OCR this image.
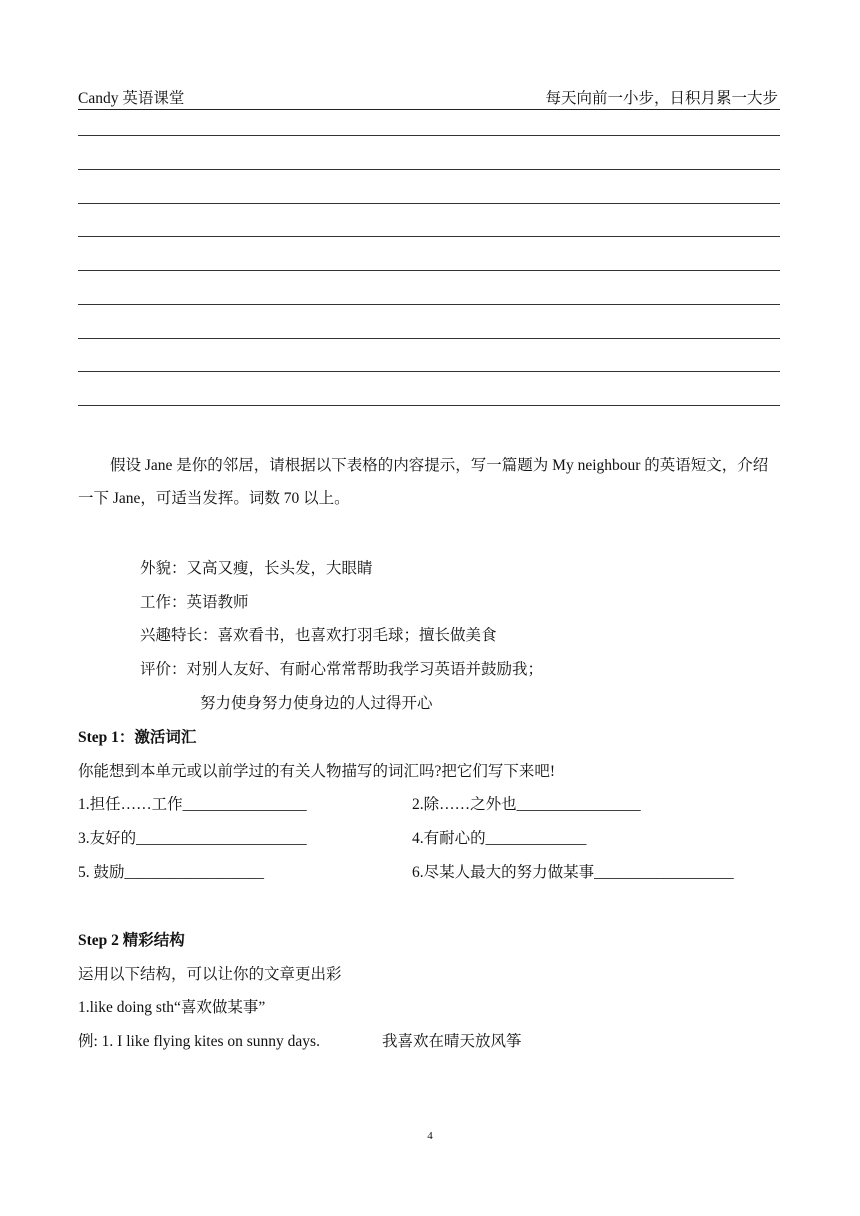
Candy 英语课堂	每天向前一小步，日积月累一大步
假设 Jane 是你的邻居，请根据以下表格的内容提示，写一篇题为 My neighbour 的英语短文，介绍一下 Jane，可适当发挥。词数 70 以上。
外貌：又高又瘦，长头发，大眼睛
工作：英语教师
兴趣特长：喜欢看书，也喜欢打羽毛球；擅长做美食
评价：对别人友好、有耐心常常帮助我学习英语并鼓励我；
努力使身努力使身边的人过得开心
Step 1：激活词汇
你能想到本单元或以前学过的有关人物描写的词汇吗?把它们写下来吧!
1.担任……工作________________	2.除……之外也________________
3.友好的______________________	4.有耐心的_____________
5. 鼓励__________________	6.尽某人最大的努力做某事__________________
Step 2 精彩结构
运用以下结构，可以让你的文章更出彩
1.like doing sth“喜欢做某事”
例: 1. I like flying kites on sunny days.	我喜欢在晴天放风筝
4
